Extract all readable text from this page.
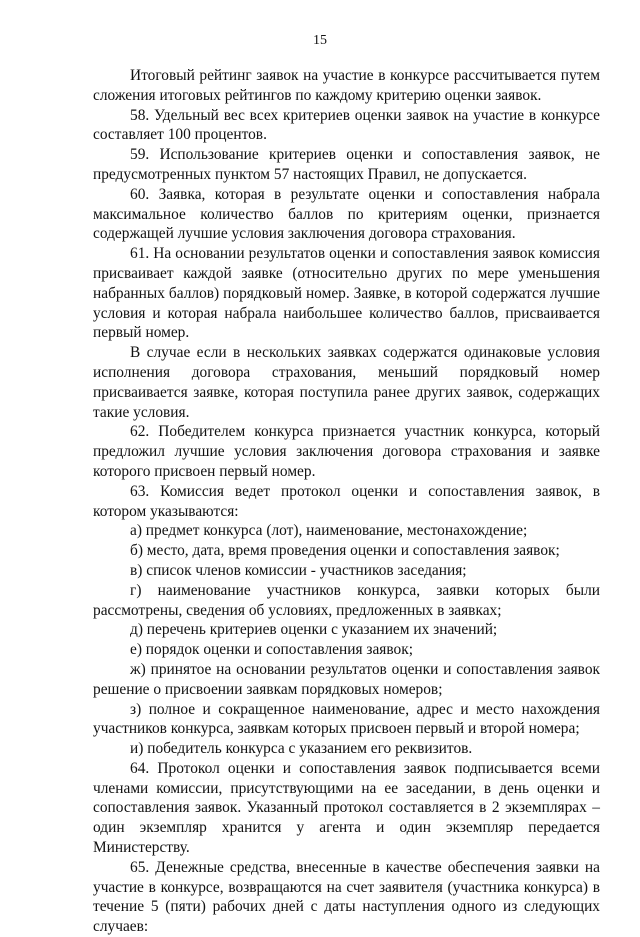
15

Итоговый рейтинг заявок на участие в конкурсе рассчитывается путем сложения итоговых рейтингов по каждому критерию оценки заявок.

58. Удельный вес всех критериев оценки заявок на участие в конкурсе составляет 100 процентов.

59. Использование критериев оценки и сопоставления заявок, не предусмотренных пунктом 57 настоящих Правил, не допускается.

60. Заявка, которая в результате оценки и сопоставления набрала максимальное количество баллов по критериям оценки, признается содержащей лучшие условия заключения договора страхования.

61. На основании результатов оценки и сопоставления заявок комиссия присваивает каждой заявке (относительно других по мере уменьшения набранных баллов) порядковый номер. Заявке, в которой содержатся лучшие условия и которая набрала наибольшее количество баллов, присваивается первый номер.

В случае если в нескольких заявках содержатся одинаковые условия исполнения договора страхования, меньший порядковый номер присваивается заявке, которая поступила ранее других заявок, содержащих такие условия.

62. Победителем конкурса признается участник конкурса, который предложил лучшие условия заключения договора страхования и заявке которого присвоен первый номер.

63. Комиссия ведет протокол оценки и сопоставления заявок, в котором указываются:

а) предмет конкурса (лот), наименование, местонахождение;

б) место, дата, время проведения оценки и сопоставления заявок;

в) список членов комиссии - участников заседания;

г) наименование участников конкурса, заявки которых были рассмотрены, сведения об условиях, предложенных в заявках;

д) перечень критериев оценки с указанием их значений;

е) порядок оценки и сопоставления заявок;

ж) принятое на основании результатов оценки и сопоставления заявок решение о присвоении заявкам порядковых номеров;

з) полное и сокращенное наименование, адрес и место нахождения участников конкурса, заявкам которых присвоен первый и второй номера;

и) победитель конкурса с указанием его реквизитов.

64. Протокол оценки и сопоставления заявок подписывается всеми членами комиссии, присутствующими на ее заседании, в день оценки и сопоставления заявок. Указанный протокол составляется в 2 экземплярах – один экземпляр хранится у агента и один экземпляр передается Министерству.

65. Денежные средства, внесенные в качестве обеспечения заявки на участие в конкурсе, возвращаются на счет заявителя (участника конкурса) в течение 5 (пяти) рабочих дней с даты наступления одного из следующих случаев:
